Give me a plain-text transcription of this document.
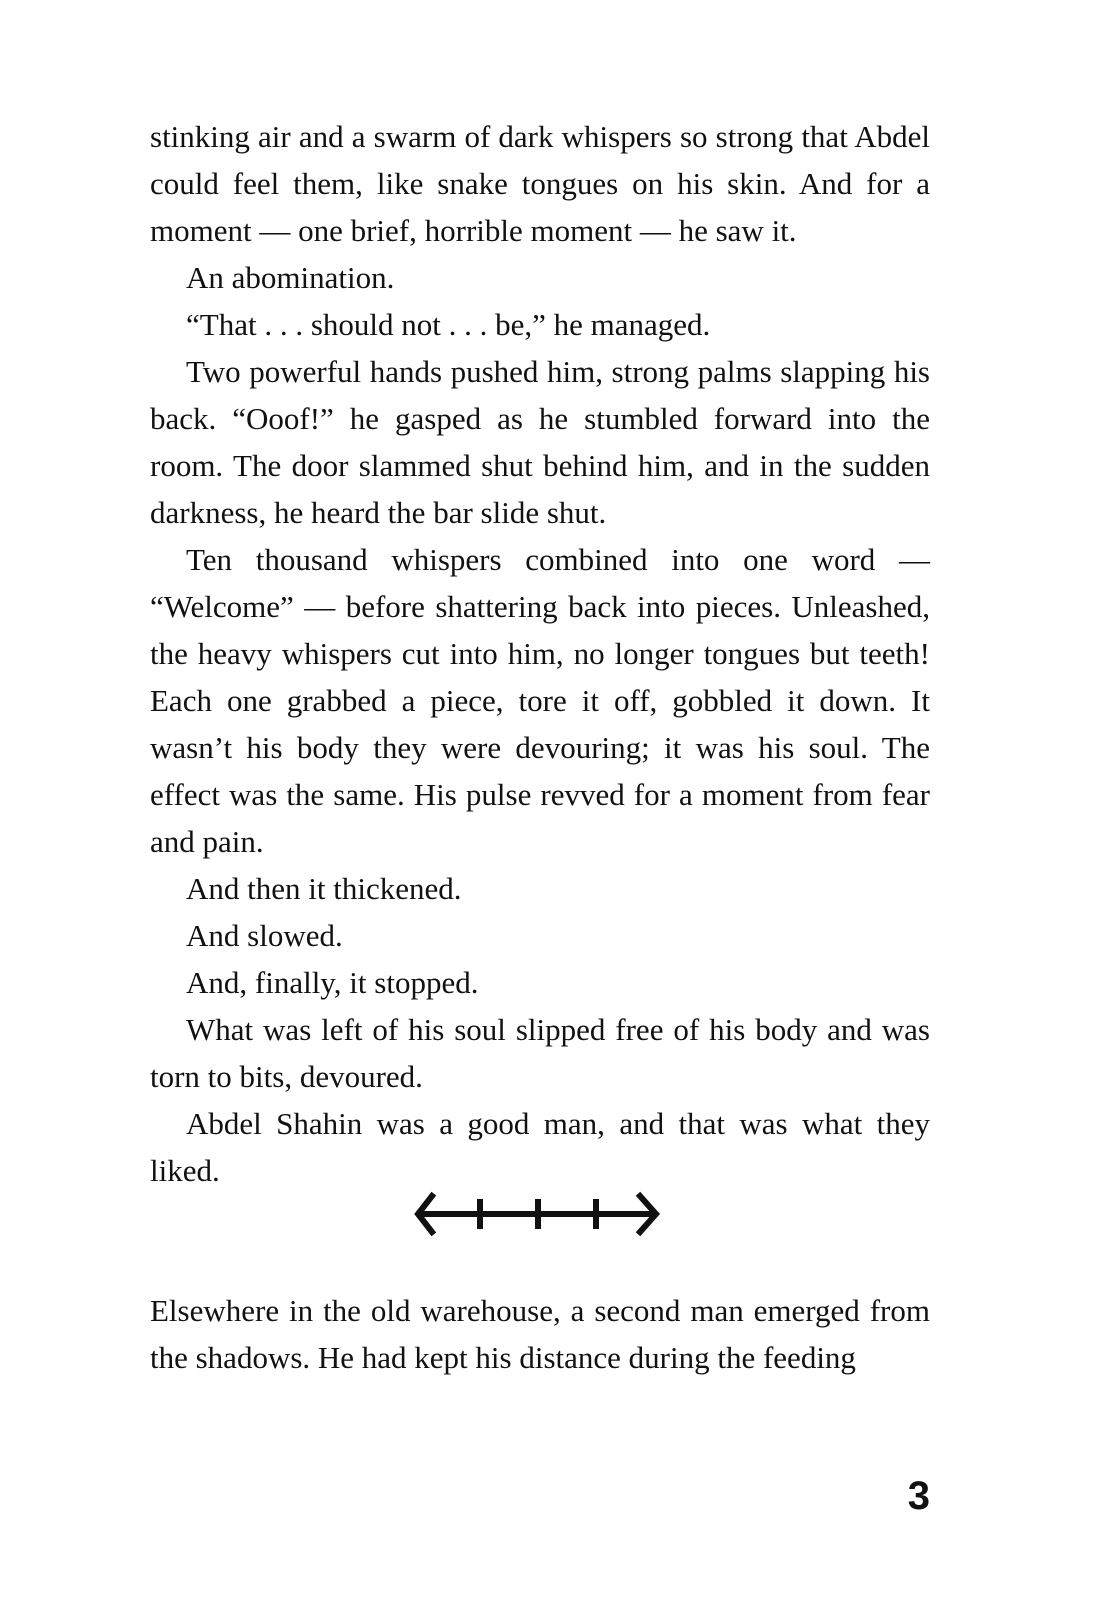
stinking air and a swarm of dark whispers so strong that Abdel could feel them, like snake tongues on his skin. And for a moment — one brief, horrible moment — he saw it.

An abomination.

“That . . . should not . . . be,” he managed.

Two powerful hands pushed him, strong palms slapping his back. “Ooof!” he gasped as he stumbled forward into the room. The door slammed shut behind him, and in the sudden darkness, he heard the bar slide shut.

Ten thousand whispers combined into one word — “Welcome” — before shattering back into pieces. Unleashed, the heavy whispers cut into him, no longer tongues but teeth! Each one grabbed a piece, tore it off, gobbled it down. It wasn’t his body they were devouring; it was his soul. The effect was the same. His pulse revved for a moment from fear and pain.

And then it thickened.

And slowed.

And, finally, it stopped.

What was left of his soul slipped free of his body and was torn to bits, devoured.

Abdel Shahin was a good man, and that was what they liked.

Elsewhere in the old warehouse, a second man emerged from the shadows. He had kept his distance during the feeding

3
